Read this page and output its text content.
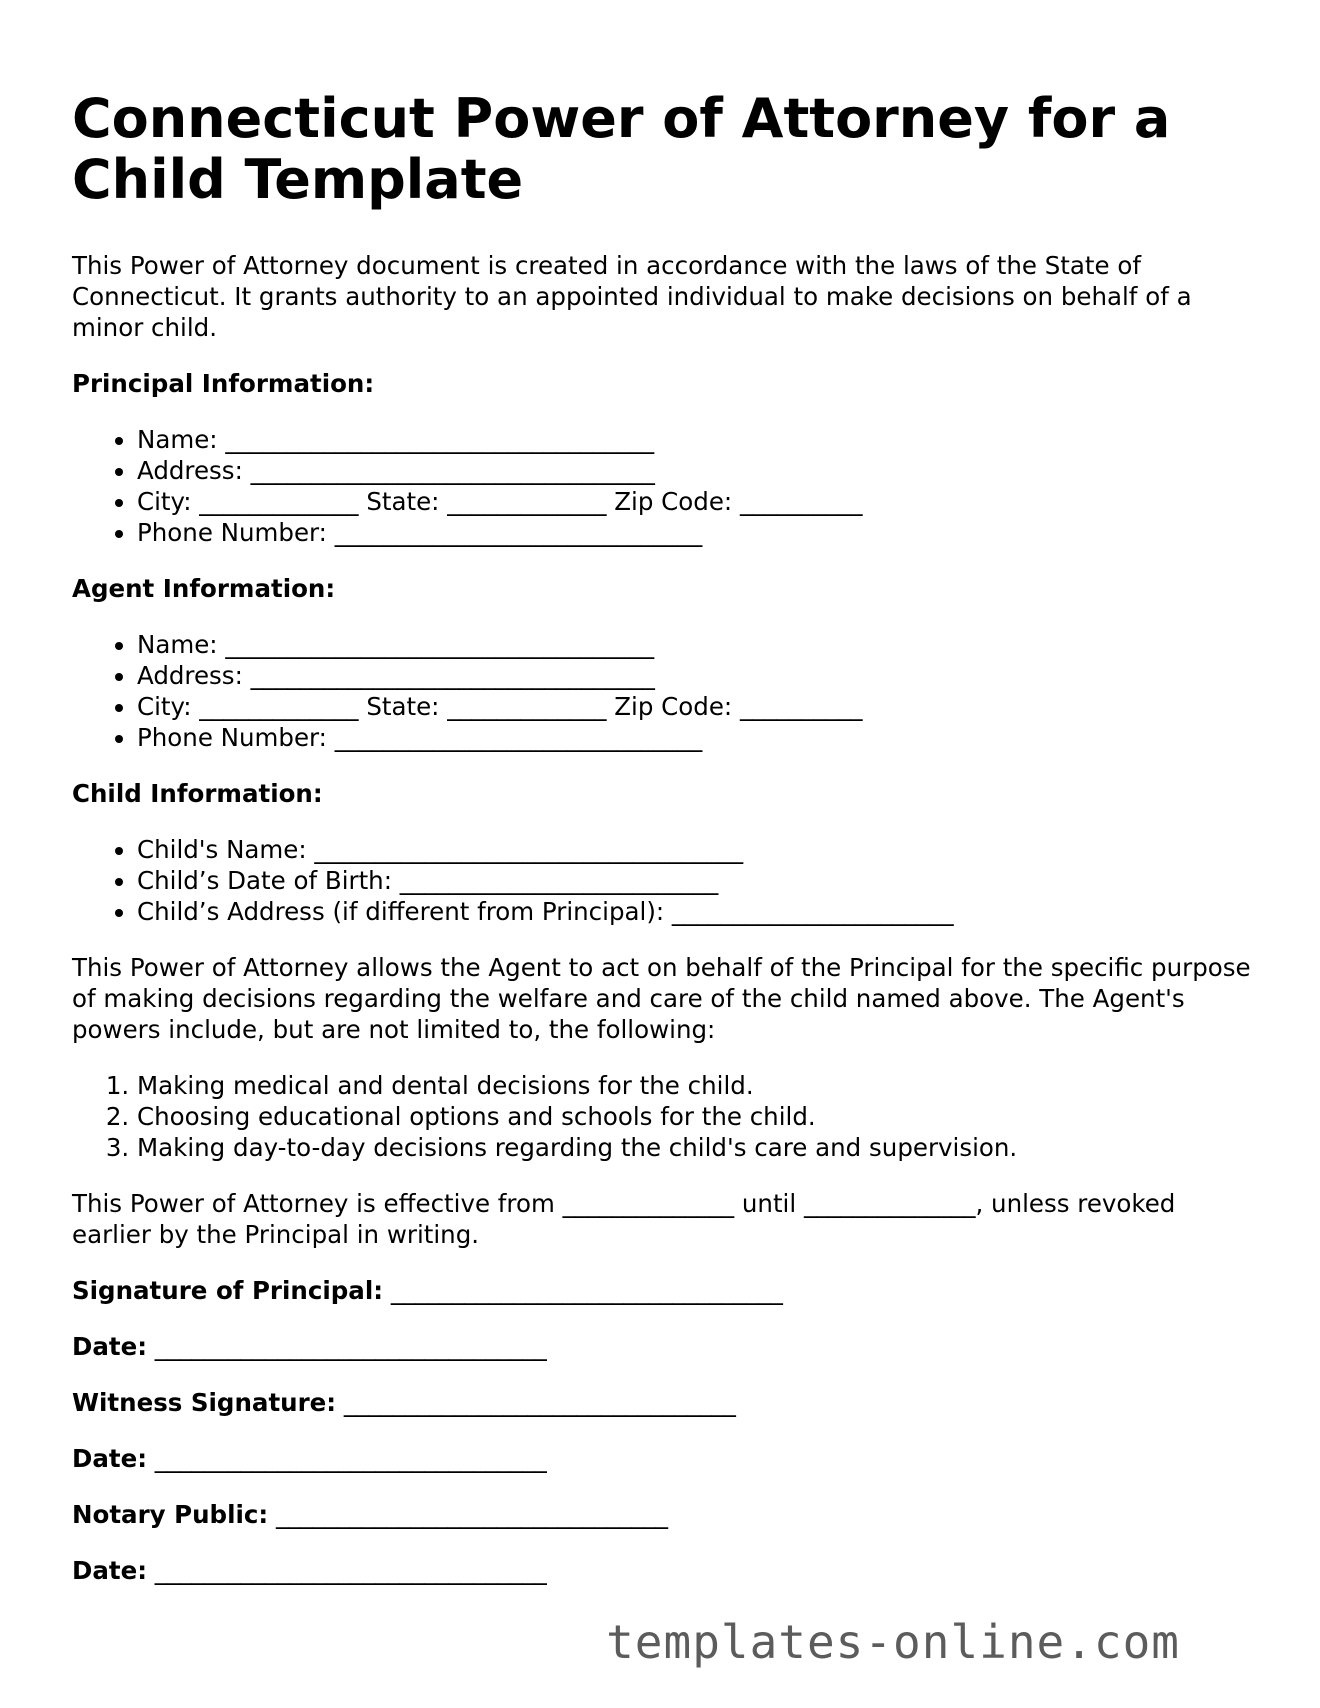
Connecticut Power of Attorney for a Child Template

This Power of Attorney document is created in accordance with the laws of the State of Connecticut. It grants authority to an appointed individual to make decisions on behalf of a minor child.

Principal Information:

• Name: ___________________________________
• Address: _________________________________
• City: _____________ State: _____________ Zip Code: __________
• Phone Number: ______________________________

Agent Information:

• Name: ___________________________________
• Address: _________________________________
• City: _____________ State: _____________ Zip Code: __________
• Phone Number: ______________________________

Child Information:

• Child's Name: ___________________________________
• Child’s Date of Birth: __________________________
• Child’s Address (if different from Principal): _______________________

This Power of Attorney allows the Agent to act on behalf of the Principal for the specific purpose of making decisions regarding the welfare and care of the child named above. The Agent's powers include, but are not limited to, the following:

1. Making medical and dental decisions for the child.
2. Choosing educational options and schools for the child.
3. Making day-to-day decisions regarding the child's care and supervision.

This Power of Attorney is effective from ______________ until ______________, unless revoked earlier by the Principal in writing.

Signature of Principal: ________________________________

Date: ________________________________

Witness Signature: ________________________________

Date: ________________________________

Notary Public: ________________________________

Date: ________________________________

templates-online.com
